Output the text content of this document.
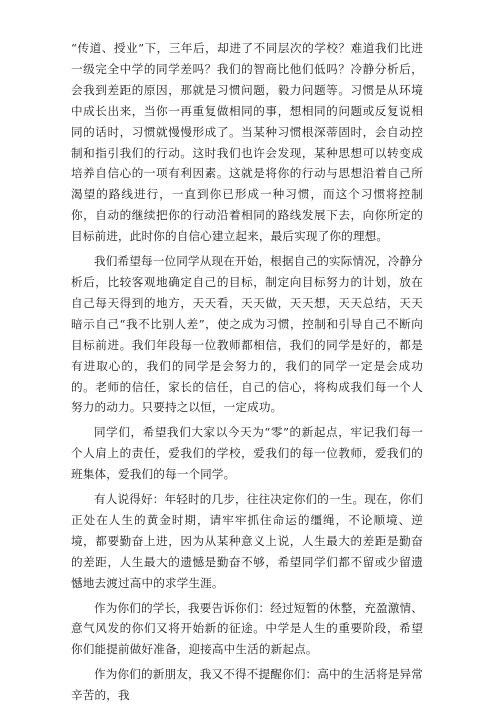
“传道、授业”下，三年后，却进了不同层次的学校？难道我们比进一级完全中学的同学差吗？我们的智商比他们低吗？冷静分析后，会我到差距的原因，那就是习惯问题，毅力问题等。习惯是从环境中成长出来，当你一再重复做相同的事，想相同的问题或反复说相同的话时，习惯就慢慢形成了。当某种习惯根深蒂固时，会自动控制和指引我们的行动。这时我们也许会发现，某种思想可以转变成培养自信心的一项有利因素。这就是将你的行动与思想沿着自己所渴望的路线进行，一直到你已形成一种习惯，而这个习惯将控制你，自动的继续把你的行动沿着相同的路线发展下去，向你所定的目标前进，此时你的自信心建立起来，最后实现了你的理想。

我们希望每一位同学从现在开始，根据自己的实际情况，冷静分析后，比较客观地确定自己的目标，制定向目标努力的计划，放在自己每天得到的地方，天天看，天天做，天天想，天天总结，天天暗示自己“我不比别人差”，使之成为习惯，控制和引导自己不断向目标前进。我们年段每一位教师都相信，我们的同学是好的，都是有进取心的，我们的同学是会努力的，我们的同学一定是会成功的。老师的信任，家长的信任，自己的信心，将构成我们每一个人努力的动力。只要持之以恒，一定成功。

同学们，希望我们大家以今天为“零”的新起点，牢记我们每一个人肩上的责任，爱我们的学校，爱我们的每一位教师，爱我们的班集体，爱我们的每一个同学。

有人说得好：年轻时的几步，往往决定你们的一生。现在，你们正处在人生的黄金时期，请牢牢抓住命运的缰绳，不论顺境、逆境，都要勤奋上进，因为从某种意义上说，人生最大的差距是勤奋的差距，人生最大的遗憾是勤奋不够，希望同学们都不留或少留遗憾地去渡过高中的求学生涯。

作为你们的学长，我要告诉你们：经过短暂的休整，充盈激情、意气风发的你们又将开始新的征途。中学是人生的重要阶段，希望你们能提前做好准备，迎接高中生活的新起点。

作为你们的新朋友，我又不得不提醒你们：高中的生活将是异常辛苦的，我
